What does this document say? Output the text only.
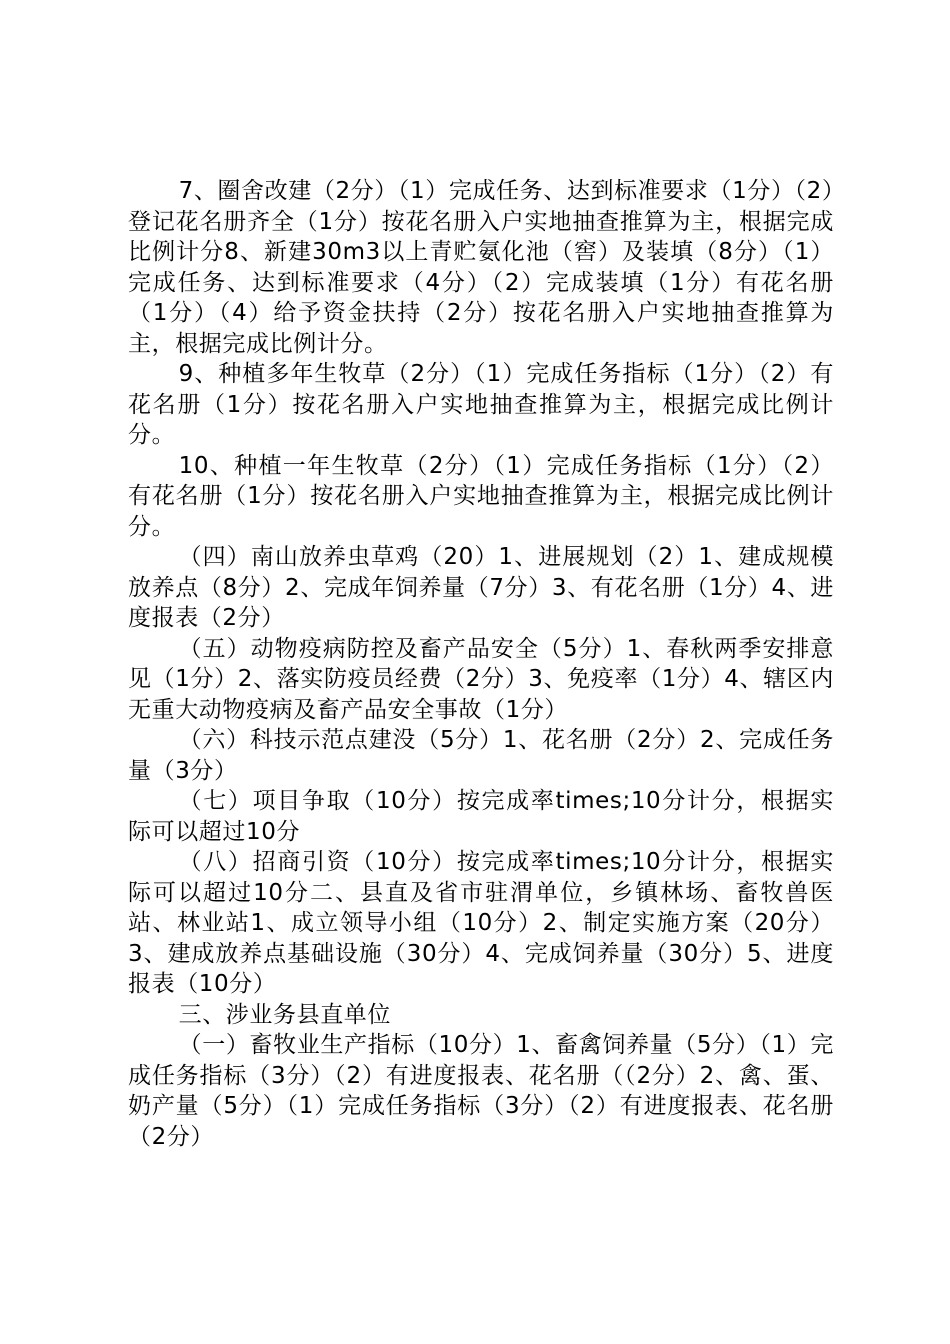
7、圈舍改建（2分）（1）完成任务、达到标准要求（1分）（2）登记花名册齐全（1分）按花名册入户实地抽查推算为主，根据完成比例计分8、新建30m3以上青贮氨化池（窖）及装填（8分）（1）完成任务、达到标准要求（4分）（2）完成装填（1分）有花名册（1分）（4）给予资金扶持（2分）按花名册入户实地抽查推算为主，根据完成比例计分。

9、种植多年生牧草（2分）（1）完成任务指标（1分）（2）有花名册（1分）按花名册入户实地抽查推算为主，根据完成比例计分。

10、种植一年生牧草（2分）（1）完成任务指标（1分）（2）有花名册（1分）按花名册入户实地抽查推算为主，根据完成比例计分。

（四）南山放养虫草鸡（20）1、进展规划（2）1、建成规模放养点（8分）2、完成年饲养量（7分）3、有花名册（1分）4、进度报表（2分）

（五）动物疫病防控及畜产品安全（5分）1、春秋两季安排意见（1分）2、落实防疫员经费（2分）3、免疫率（1分）4、辖区内无重大动物疫病及畜产品安全事故（1分）

（六）科技示范点建没（5分）1、花名册（2分）2、完成任务量（3分）

（七）项目争取（10分）按完成率times;10分计分，根据实际可以超过10分

（八）招商引资（10分）按完成率times;10分计分，根据实际可以超过10分二、县直及省市驻渭单位，乡镇林场、畜牧兽医站、林业站1、成立领导小组（10分）2、制定实施方案（20分）3、建成放养点基础设施（30分）4、完成饲养量（30分）5、进度报表（10分）

三、涉业务县直单位

（一）畜牧业生产指标（10分）1、畜禽饲养量（5分）（1）完成任务指标（3分）（2）有进度报表、花名册（（2分）2、禽、蛋、奶产量（5分）（1）完成任务指标（3分）（2）有进度报表、花名册（2分）
